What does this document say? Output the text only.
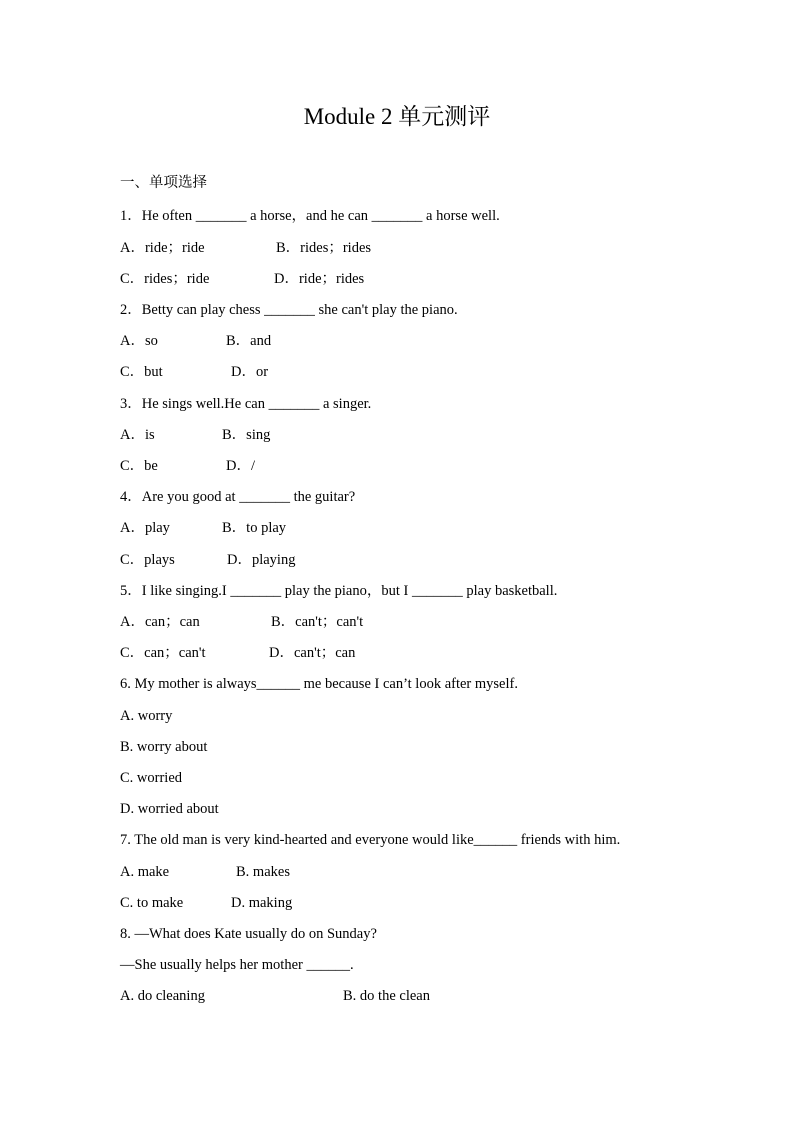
Module 2 单元测评
一、单项选择
1．He often _______ a horse，and he can _______ a horse well.
A．ride；ride	B．rides；rides
C．rides；ride	D．ride；rides
2．Betty can play chess _______ she can't play the piano.
A．so	B．and
C．but	D．or
3．He sings well.He can _______ a singer.
A．is	B．sing
C．be	D．/
4．Are you good at _______ the guitar?
A．play	B．to play
C．plays	D．playing
5．I like singing.I _______ play the piano，but I _______ play basketball.
A．can；can	B．can't；can't
C．can；can't	D．can't；can
6. My mother is always______ me because I can’t look after myself.
A. worry
B. worry about
C. worried
D. worried about
7. The old man is very kind-hearted and everyone would like______ friends with him.
A. make	B. makes
C. to make	D. making
8. —What does Kate usually do on Sunday?
—She usually helps her mother ______.
A. do cleaning	B. do the clean
